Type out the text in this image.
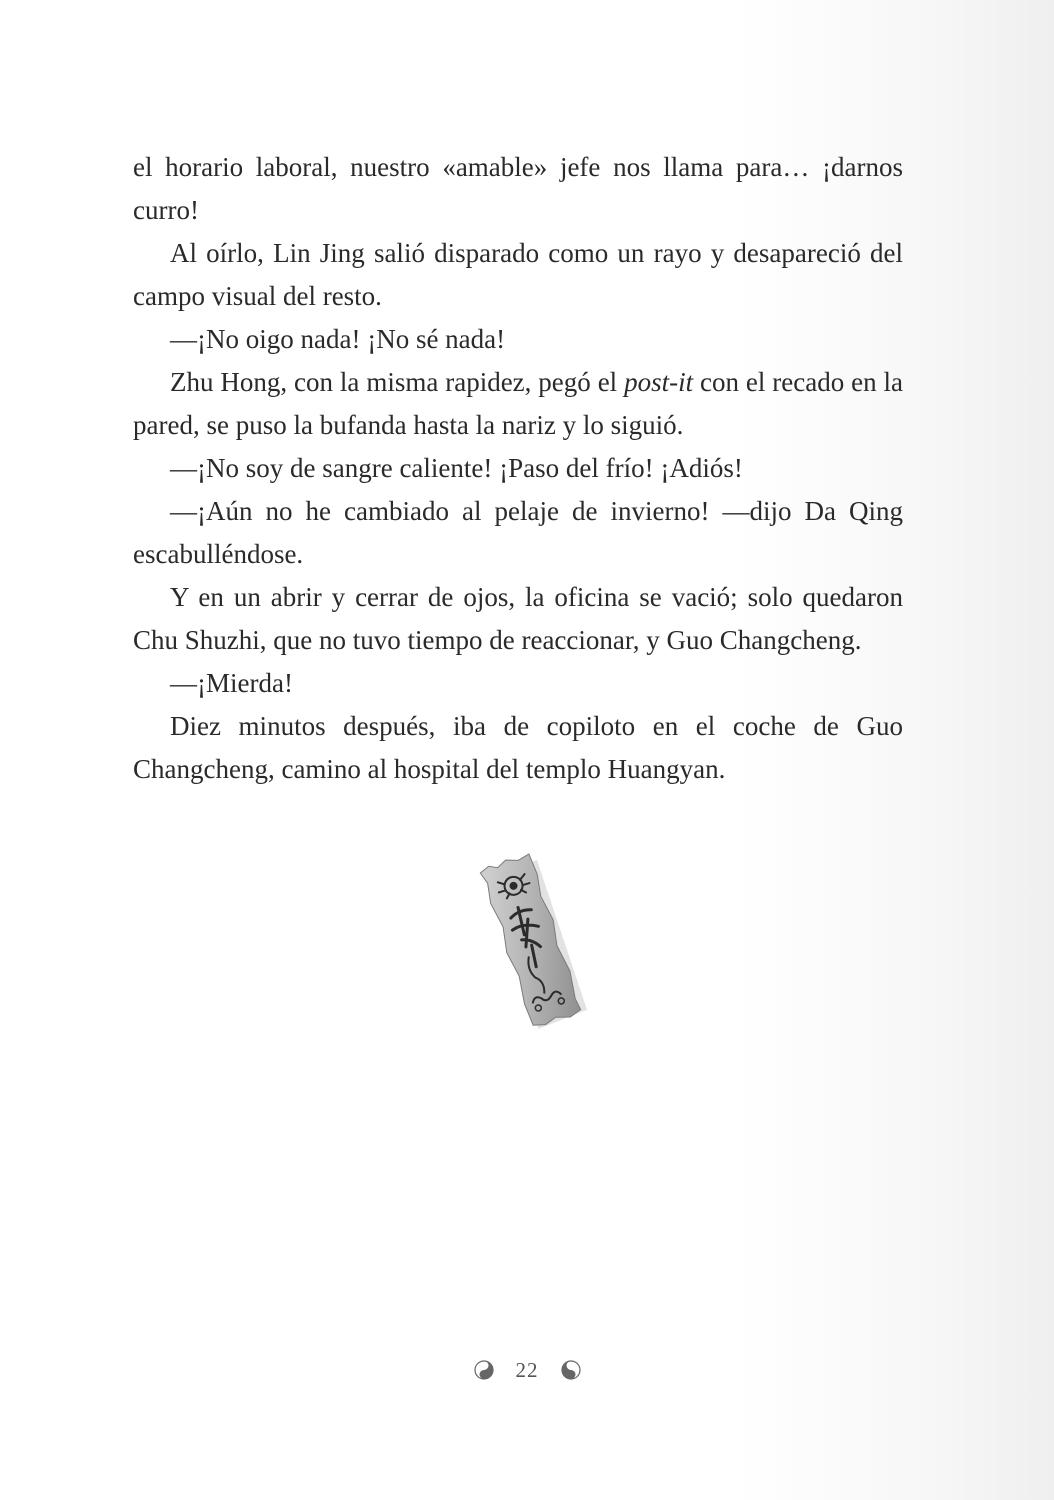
el horario laboral, nuestro «amable» jefe nos llama para… ¡darnos curro!

Al oírlo, Lin Jing salió disparado como un rayo y desapareció del campo visual del resto.

—¡No oigo nada! ¡No sé nada!

Zhu Hong, con la misma rapidez, pegó el post-it con el recado en la pared, se puso la bufanda hasta la nariz y lo siguió.

—¡No soy de sangre caliente! ¡Paso del frío! ¡Adiós!

—¡Aún no he cambiado al pelaje de invierno! —dijo Da Qing escabulléndose.

Y en un abrir y cerrar de ojos, la oficina se vació; solo quedaron Chu Shuzhi, que no tuvo tiempo de reaccionar, y Guo Changcheng.

—¡Mierda!

Diez minutos después, iba de copiloto en el coche de Guo Changcheng, camino al hospital del templo Huangyan.

22
